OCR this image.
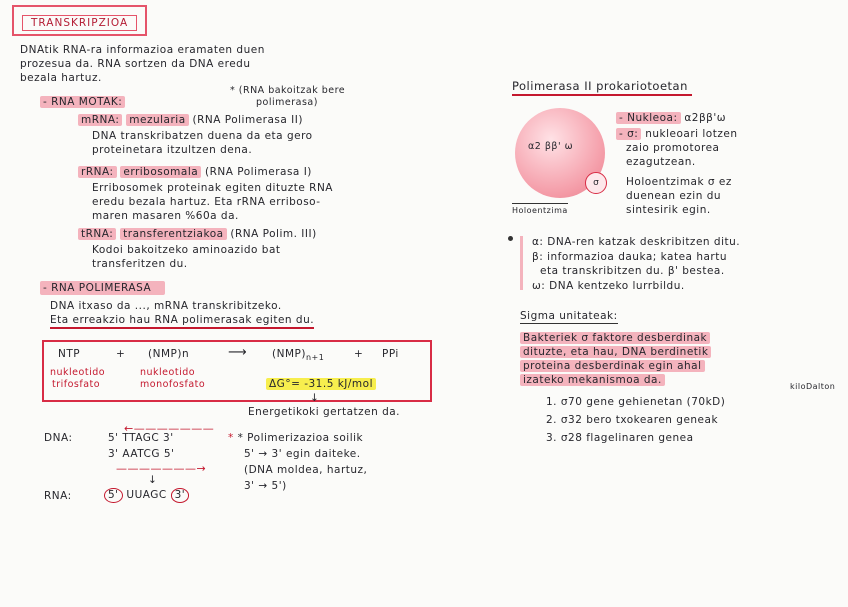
TRANSKRIPZIOA
DNAtik RNA-ra informazioa eramaten duen
prozesua da. RNA sortzen da DNA eredu
bezala hartuz.
- RNA MOTAK:
* (RNA bakoitzak bere
polimerasa)
mRNA: mezularia (RNA Polimerasa II)
DNA transkribatzen duena da eta gero
proteinetara itzultzen dena.
rRNA: erribosomala (RNA Polimerasa I)
Erribosomek proteinak egiten dituzte RNA
eredu bezala hartuz. Eta rRNA erriboso-
maren masaren %60a da.
tRNA: transferentziakoa (RNA Polim. III)
Kodoi bakoitzeko aminoazido bat
transferitzen du.
- RNA POLIMERASA
DNA itxaso da ..., mRNA transkribitzeko.
Eta erreakzio hau RNA polimerasak egiten du.
NTP	+ (NMP)n	⟶ $(NMP)_{n+1}$	+ PPi
nukleotido
trifosfato
nukleotido
monofosfato	ΔG°= -31.5 kJ/mol
↓
Energetikoki gertatzen da.
DNA:
←———————
5' TTAGC 3'
3' AATCG 5'
———————→
↓
RNA:	5' UUAGC 3'
* * Polimerizazioa soilik
5' → 3' egin daiteke.
(DNA moldea, hartuz,
3' → 5')
Polimerasa II prokariotoetan
α2 ββ' ω
σ
Holoentzima
- Nukleoa: α2ββ'ω
- σ: nukleoari lotzen
zaio promotorea
ezagutzean.
Holoentzimak σ ez
duenean ezin du
sintesirik egin.
α: DNA-ren katzak deskribitzen ditu.
β: informazioa dauka; katea hartu
eta transkribitzen du. β' bestea.
ω: DNA kentzeko lurrbildu.
Sigma unitateak:
Bakteriek σ faktore desberdinak
dituzte, eta hau, DNA berdinetik
proteina desberdinak egin ahal
izateko mekanismoa da.
kiloDalton
1. σ70 gene gehienetan (70kD)
2. σ32 bero txokearen geneak
3. σ28 flagelinaren genea
